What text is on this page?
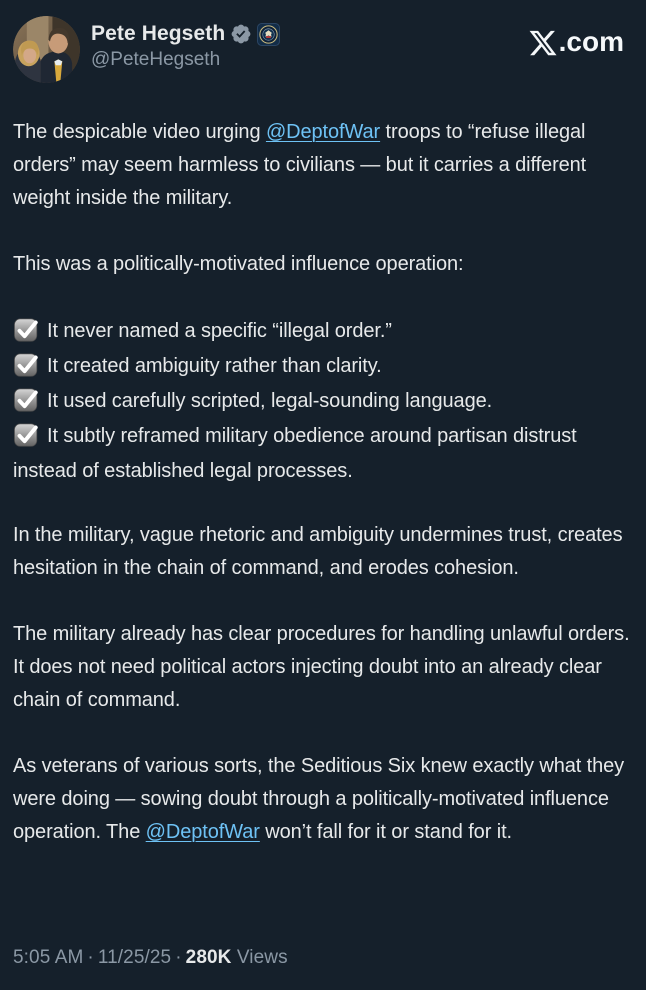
Pete Hegseth
@PeteHegseth
.com

The despicable video urging @DeptofWar troops to “refuse illegal orders” may seem harmless to civilians — but it carries a different weight inside the military.

This was a politically-motivated influence operation:

It never named a specific “illegal order.”
It created ambiguity rather than clarity.
It used carefully scripted, legal-sounding language.
It subtly reframed military obedience around partisan distrust instead of established legal processes.

In the military, vague rhetoric and ambiguity undermines trust, creates hesitation in the chain of command, and erodes cohesion.

The military already has clear procedures for handling unlawful orders. It does not need political actors injecting doubt into an already clear chain of command.

As veterans of various sorts, the Seditious Six knew exactly what they were doing — sowing doubt through a politically-motivated influence operation. The @DeptofWar won’t fall for it or stand for it.

5:05 AM · 11/25/25 · 280K Views
